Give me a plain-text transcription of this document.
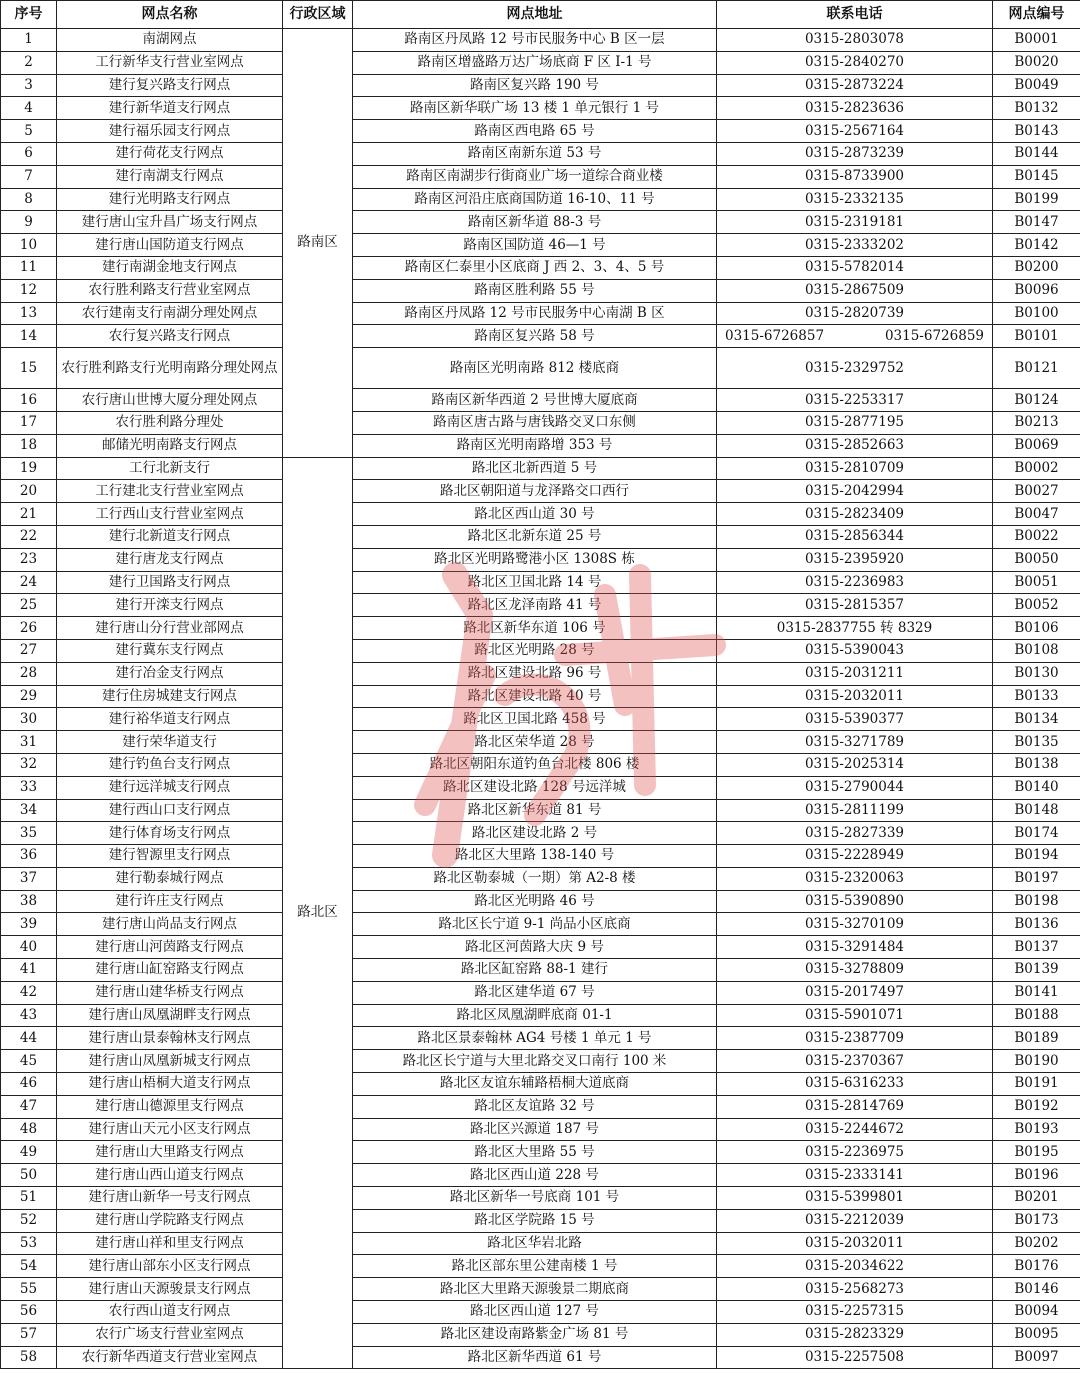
序号	网点名称	行政区域	网点地址	联系电话	网点编号
1	南湖网点	路南区	路南区丹凤路 12 号市民服务中心 B 区一层	0315-2803078	B0001
2	工行新华支行营业室网点		路南区增盛路万达广场底商 F 区 I-1 号	0315-2840270	B0020
3	建行复兴路支行网点		路南区复兴路 190 号	0315-2873224	B0049
4	建行新华道支行网点		路南区新华联广场 13 楼 1 单元银行 1 号	0315-2823636	B0132
5	建行福乐园支行网点		路南区西电路 65 号	0315-2567164	B0143
6	建行荷花支行网点		路南区南新东道 53 号	0315-2873239	B0144
7	建行南湖支行网点		路南区南湖步行街商业广场一道综合商业楼	0315-8733900	B0145
8	建行光明路支行网点		路南区河沿庄底商国防道 16-10、11 号	0315-2332135	B0199
9	建行唐山宝升昌广场支行网点		路南区新华道 88-3 号	0315-2319181	B0147
10	建行唐山国防道支行网点		路南区国防道 46—1 号	0315-2333202	B0142
11	建行南湖金地支行网点		路南区仁泰里小区底商 J 西 2、3、4、5 号	0315-5782014	B0200
12	农行胜利路支行营业室网点		路南区胜利路 55 号	0315-2867509	B0096
13	农行建南支行南湖分理处网点		路南区丹凤路 12 号市民服务中心南湖 B 区	0315-2820739	B0100
14	农行复兴路支行网点		路南区复兴路 58 号	0315-6726857 0315-6726859	B0101
15	农行胜利路支行光明南路分理处网点		路南区光明南路 812 楼底商	0315-2329752	B0121
16	农行唐山世博大厦分理处网点		路南区新华西道 2 号世博大厦底商	0315-2253317	B0124
17	农行胜利路分理处		路南区唐古路与唐钱路交叉口东侧	0315-2877195	B0213
18	邮储光明南路支行网点		路南区光明南路增 353 号	0315-2852663	B0069
19	工行北新支行	路北区	路北区北新西道 5 号	0315-2810709	B0002
20	工行建北支行营业室网点		路北区朝阳道与龙泽路交口西行	0315-2042994	B0027
21	工行西山支行营业室网点		路北区西山道 30 号	0315-2823409	B0047
22	建行北新道支行网点		路北区北新东道 25 号	0315-2856344	B0022
23	建行唐龙支行网点		路北区光明路鹭港小区 1308S 栋	0315-2395920	B0050
24	建行卫国路支行网点		路北区卫国北路 14 号	0315-2236983	B0051
25	建行开滦支行网点		路北区龙泽南路 41 号	0315-2815357	B0052
26	建行唐山分行营业部网点		路北区新华东道 106 号	0315-2837755 转 8329	B0106
27	建行冀东支行网点		路北区光明路 28 号	0315-5390043	B0108
28	建行冶金支行网点		路北区建设北路 96 号	0315-2031211	B0130
29	建行住房城建支行网点		路北区建设北路 40 号	0315-2032011	B0133
30	建行裕华道支行网点		路北区卫国北路 458 号	0315-5390377	B0134
31	建行荣华道支行		路北区荣华道 28 号	0315-3271789	B0135
32	建行钓鱼台支行网点		路北区朝阳东道钓鱼台北楼 806 楼	0315-2025314	B0138
33	建行远洋城支行网点		路北区建设北路 128 号远洋城	0315-2790044	B0140
34	建行西山口支行网点		路北区新华东道 81 号	0315-2811199	B0148
35	建行体育场支行网点		路北区建设北路 2 号	0315-2827339	B0174
36	建行智源里支行网点		路北区大里路 138-140 号	0315-2228949	B0194
37	建行勒泰城行网点		路北区勒泰城（一期）第 A2-8 楼	0315-2320063	B0197
38	建行许庄支行网点		路北区光明路 46 号	0315-5390890	B0198
39	建行唐山尚品支行网点		路北区长宁道 9-1 尚品小区底商	0315-3270109	B0136
40	建行唐山河茵路支行网点		路北区河茵路大庆 9 号	0315-3291484	B0137
41	建行唐山缸窑路支行网点		路北区缸窑路 88-1 建行	0315-3278809	B0139
42	建行唐山建华桥支行网点		路北区建华道 67 号	0315-2017497	B0141
43	建行唐山凤凰湖畔支行网点		路北区凤凰湖畔底商 01-1	0315-5901071	B0188
44	建行唐山景泰翰林支行网点		路北区景泰翰林 AG4 号楼 1 单元 1 号	0315-2387709	B0189
45	建行唐山凤凰新城支行网点		路北区长宁道与大里北路交叉口南行 100 米	0315-2370367	B0190
46	建行唐山梧桐大道支行网点		路北区友谊东辅路梧桐大道底商	0315-6316233	B0191
47	建行唐山德源里支行网点		路北区友谊路 32 号	0315-2814769	B0192
48	建行唐山天元小区支行网点		路北区兴源道 187 号	0315-2244672	B0193
49	建行唐山大里路支行网点		路北区大里路 55 号	0315-2236975	B0195
50	建行唐山西山道支行网点		路北区西山道 228 号	0315-2333141	B0196
51	建行唐山新华一号支行网点		路北区新华一号底商 101 号	0315-5399801	B0201
52	建行唐山学院路支行网点		路北区学院路 15 号	0315-2212039	B0173
53	建行唐山祥和里支行网点		路北区华岩北路	0315-2032011	B0202
54	建行唐山部东小区支行网点		路北区部东里公建南楼 1 号	0315-2034622	B0176
55	建行唐山天源骏景支行网点		路北区大里路天源骏景二期底商	0315-2568273	B0146
56	农行西山道支行网点		路北区西山道 127 号	0315-2257315	B0094
57	农行广场支行营业室网点		路北区建设南路紫金广场 81 号	0315-2823329	B0095
58	农行新华西道支行营业室网点		路北区新华西道 61 号	0315-2257508	B0097
